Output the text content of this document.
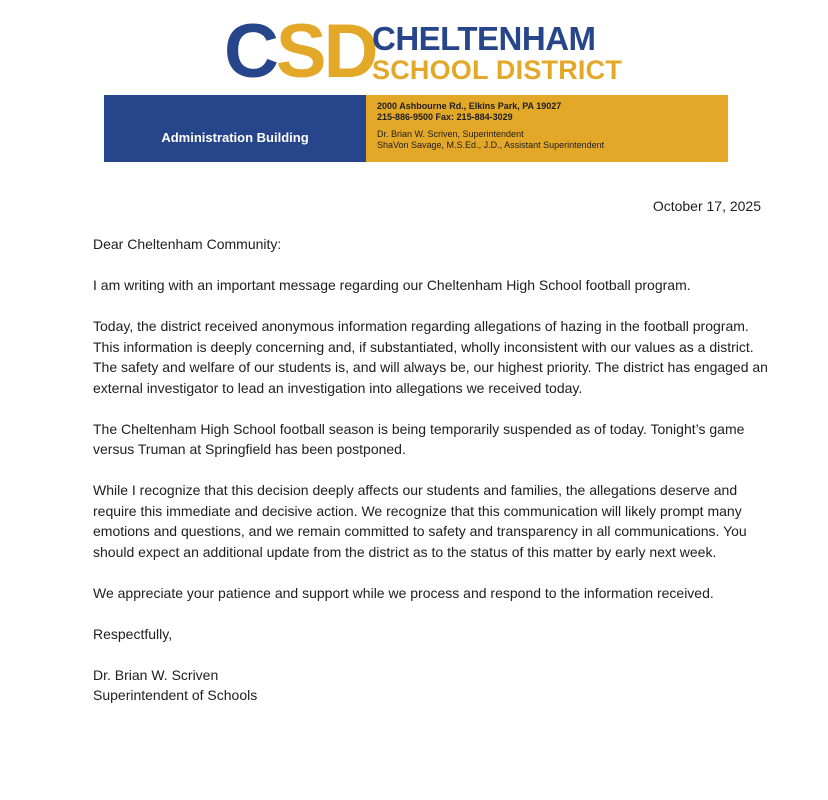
CSD
CHELTENHAM
SCHOOL DISTRICT
Administration Building
2000 Ashbourne Rd., Elkins Park, PA 19027
215-886-9500 Fax: 215-884-3029
Dr. Brian W. Scriven, Superintendent
ShaVon Savage, M.S.Ed., J.D., Assistant Superintendent
October 17, 2025

Dear Cheltenham Community:

I am writing with an important message regarding our Cheltenham High School football program.

Today, the district received anonymous information regarding allegations of hazing in the football program. This information is deeply concerning and, if substantiated, wholly inconsistent with our values as a district. The safety and welfare of our students is, and will always be, our highest priority. The district has engaged an external investigator to lead an investigation into allegations we received today.

The Cheltenham High School football season is being temporarily suspended as of today. Tonight’s game versus Truman at Springfield has been postponed.

While I recognize that this decision deeply affects our students and families, the allegations deserve and require this immediate and decisive action. We recognize that this communication will likely prompt many emotions and questions, and we remain committed to safety and transparency in all communications. You should expect an additional update from the district as to the status of this matter by early next week.

We appreciate your patience and support while we process and respond to the information received.

Respectfully,

Dr. Brian W. Scriven
Superintendent of Schools
